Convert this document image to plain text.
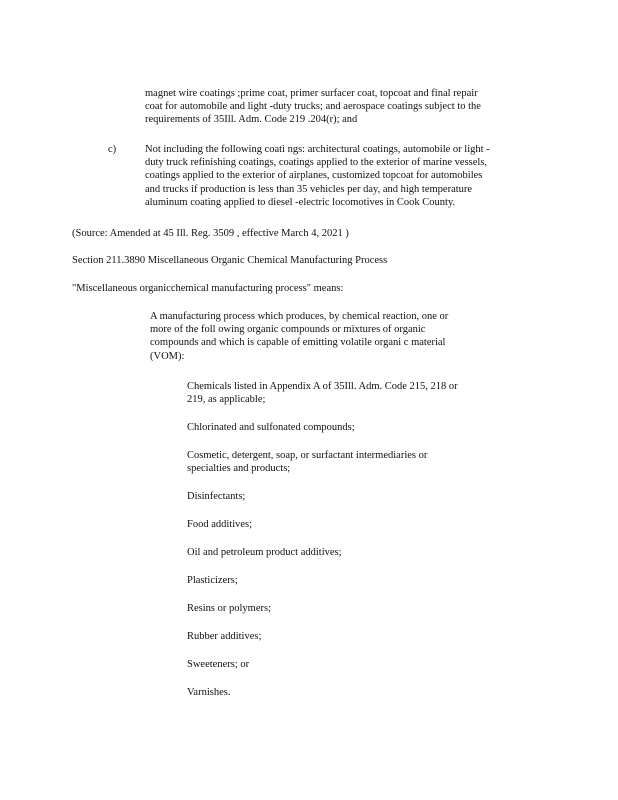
magnet wire coatings ;prime coat, primer surfacer coat, topcoat and final repair
coat for automobile and light -duty trucks; and aerospace coatings subject to the
requirements of 35Ill. Adm. Code 219 .204(r); and
c)	Not including the following coati ngs: architectural coatings, automobile or light -
duty truck refinishing coatings, coatings applied to the exterior of marine vessels,
coatings applied to the exterior of airplanes, customized topcoat for automobiles
and trucks if production is less than 35 vehicles per day, and high temperature
aluminum coating applied to diesel -electric locomotives in Cook County.
(Source: Amended at 45 Ill. Reg. 3509 , effective March 4, 2021 )
Section 211.3890 Miscellaneous Organic Chemical Manufacturing Process
"Miscellaneous organicchemical manufacturing process" means:
A manufacturing process which produces, by chemical reaction, one or
more of the foll owing organic compounds or mixtures of organic
compounds and which is capable of emitting volatile organi c material
(VOM):
Chemicals listed in Appendix A of 35Ill. Adm. Code 215, 218 or
219, as applicable;
Chlorinated and sulfonated compounds;
Cosmetic, detergent, soap, or surfactant intermediaries or
specialties and products;
Disinfectants;
Food additives;
Oil and petroleum product additives;
Plasticizers;
Resins or polymers;
Rubber additives;
Sweeteners; or
Varnishes.
